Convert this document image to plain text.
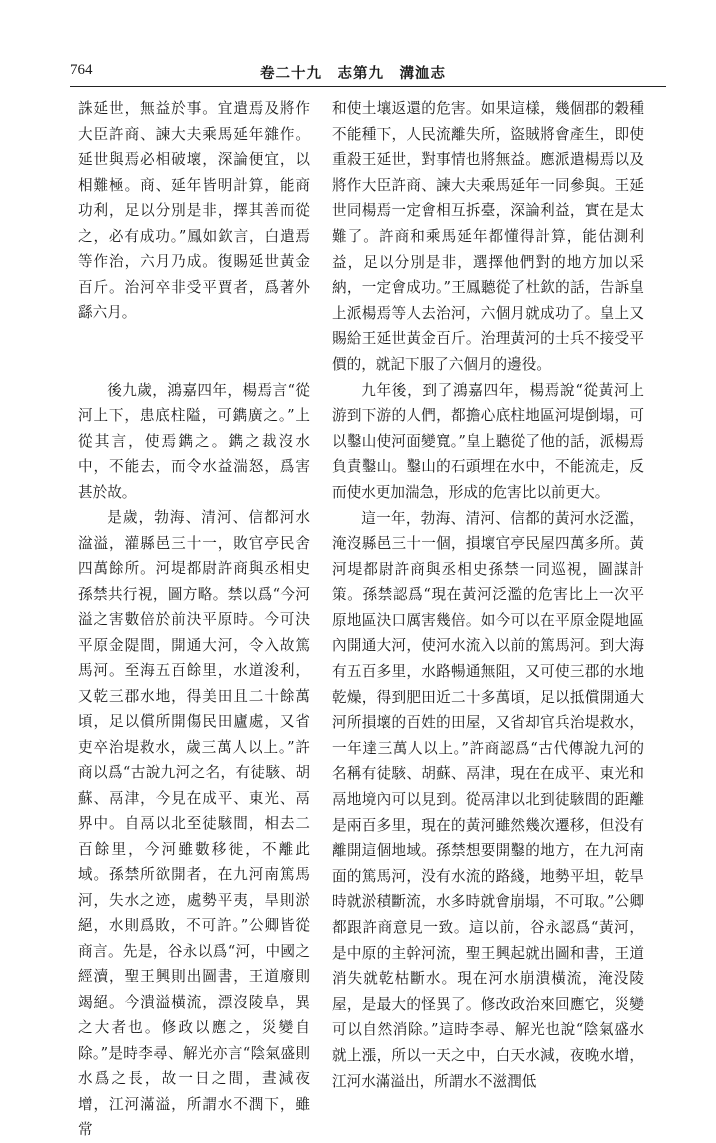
764	卷二十九　志第九　溝洫志

誅延世，無益於事。宜遣焉及將作大臣許商、諫大夫乘馬延年雜作。延世與焉必相破壞，深論便宜，以相難極。商、延年皆明計算，能商功利，足以分別是非，擇其善而從之，必有成功。”鳳如欽言，白遣焉等作治，六月乃成。復賜延世黃金百斤。治河卒非受平賈者，爲著外繇六月。

後九歲，鴻嘉四年，楊焉言“從河上下，患底柱隘，可鐫廣之。”上從其言，使焉鐫之。鐫之裁沒水中，不能去，而令水益湍怒，爲害甚於故。

是歲，勃海、清河、信都河水湓溢，灌縣邑三十一，敗官亭民舍四萬餘所。河堤都尉許商與丞相史孫禁共行視，圖方略。禁以爲“今河溢之害數倍於前決平原時。今可決平原金隄間，開通大河，令入故篤馬河。至海五百餘里，水道浚利，又乾三郡水地，得美田且二十餘萬頃，足以償所開傷民田廬處，又省吏卒治堤救水，歲三萬人以上。”許商以爲“古說九河之名，有徒駭、胡蘇、鬲津，今見在成平、東光、鬲界中。自鬲以北至徒駭間，相去二百餘里，今河雖數移徙，不離此域。孫禁所欲開者，在九河南篤馬河，失水之迹，處勢平夷，旱則淤絕，水則爲敗，不可許。”公卿皆從商言。先是，谷永以爲“河，中國之經瀆，聖王興則出圖書，王道廢則竭絕。今潰溢橫流，漂沒陵阜，異之大者也。修政以應之，災變自除。”是時李尋、解光亦言“陰氣盛則水爲之長，故一日之間，晝減夜增，江河滿溢，所謂水不潤下，雖常

和使土壤返還的危害。如果這樣，幾個郡的穀種不能種下，人民流離失所，盜賊將會產生，即使重殺王延世，對事情也將無益。應派遣楊焉以及將作大臣許商、諫大夫乘馬延年一同參與。王延世同楊焉一定會相互拆臺，深論利益，實在是太難了。許商和乘馬延年都懂得計算，能估測利益，足以分別是非，選擇他們對的地方加以采納，一定會成功。”王鳳聽從了杜欽的話，告訴皇上派楊焉等人去治河，六個月就成功了。皇上又賜給王延世黃金百斤。治理黃河的士兵不接受平價的，就記下服了六個月的邊役。

九年後，到了鴻嘉四年，楊焉說“從黃河上游到下游的人們，都擔心底柱地區河堤倒塌，可以鑿山使河面變寬。”皇上聽從了他的話，派楊焉負責鑿山。鑿山的石頭埋在水中，不能流走，反而使水更加湍急，形成的危害比以前更大。

這一年，勃海、清河、信都的黃河水泛濫，淹沒縣邑三十一個，損壞官亭民屋四萬多所。黃河堤都尉許商與丞相史孫禁一同巡視，圖謀計策。孫禁認爲“現在黃河泛濫的危害比上一次平原地區決口厲害幾倍。如今可以在平原金隄地區內開通大河，使河水流入以前的篤馬河。到大海有五百多里，水路暢通無阻，又可使三郡的水地乾燥，得到肥田近二十多萬頃，足以抵償開通大河所損壞的百姓的田屋，又省却官兵治堤救水，一年達三萬人以上。”許商認爲“古代傳說九河的名稱有徒駭、胡蘇、鬲津，現在在成平、東光和鬲地境內可以見到。從鬲津以北到徒駭間的距離是兩百多里，現在的黃河雖然幾次遷移，但没有離開這個地域。孫禁想要開鑿的地方，在九河南面的篤馬河，没有水流的路綫，地勢平坦，乾旱時就淤積斷流，水多時就會崩塌，不可取。”公卿都跟許商意見一致。這以前，谷永認爲“黃河，是中原的主幹河流，聖王興起就出圖和書，王道消失就乾枯斷水。現在河水崩潰橫流，淹没陵屋，是最大的怪異了。修改政治來回應它，災變可以自然消除。”這時李尋、解光也說“陰氣盛水就上漲，所以一天之中，白天水減，夜晚水增，江河水滿溢出，所謂水不滋潤低
